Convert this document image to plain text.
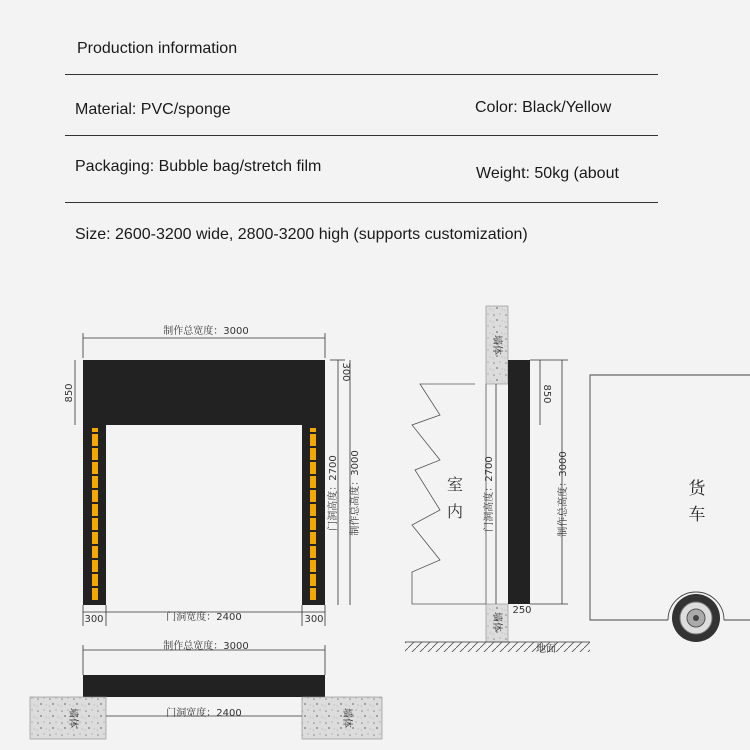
Production information
Material: PVC/sponge	Color: Black/Yellow
Packaging: Bubble bag/stretch film	Weight: 50kg (about
Size: 2600-3200 wide, 2800-3200 high (supports customization)
制作总宽度：3000
850
300
门洞高度：2700 制作总高度：3000
300	门洞宽度：2400	300
制作总宽度：3000
门洞宽度：2400
墙体	墙体
墙体
墙体
室
内 门洞高度：2700
850
制作总高度：3000
250
地面
货
车
